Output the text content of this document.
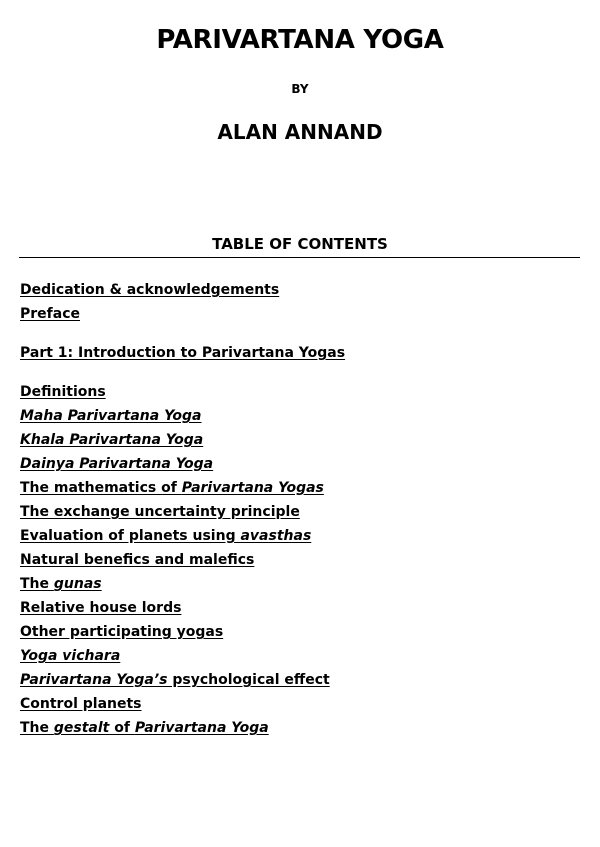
PARIVARTANA YOGA
BY
ALAN ANNAND
TABLE OF CONTENTS
Dedication & acknowledgements
Preface
Part 1: Introduction to Parivartana Yogas
Definitions
Maha Parivartana Yoga
Khala Parivartana Yoga
Dainya Parivartana Yoga
The mathematics of Parivartana Yogas
The exchange uncertainty principle
Evaluation of planets using avasthas
Natural benefics and malefics
The gunas
Relative house lords
Other participating yogas
Yoga vichara
Parivartana Yoga’s psychological effect
Control planets
The gestalt of Parivartana Yoga
